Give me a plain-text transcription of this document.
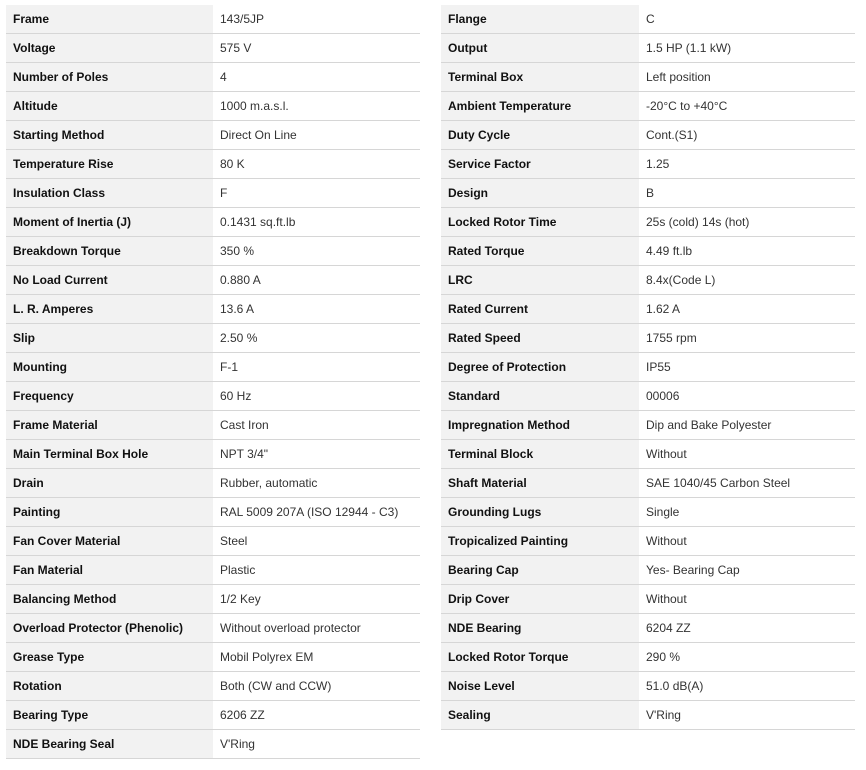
Frame	143/5JP
Voltage	575 V
Number of Poles	4
Altitude	1000 m.a.s.l.
Starting Method	Direct On Line
Temperature Rise	80 K
Insulation Class	F
Moment of Inertia (J)	0.1431 sq.ft.lb
Breakdown Torque	350 %
No Load Current	0.880 A
L. R. Amperes	13.6 A
Slip	2.50 %
Mounting	F-1
Frequency	60 Hz
Frame Material	Cast Iron
Main Terminal Box Hole	NPT 3/4"
Drain	Rubber, automatic
Painting	RAL 5009 207A (ISO 12944 - C3)
Fan Cover Material	Steel
Fan Material	Plastic
Balancing Method	1/2 Key
Overload Protector (Phenolic)	Without overload protector
Grease Type	Mobil Polyrex EM
Rotation	Both (CW and CCW)
Bearing Type	6206 ZZ
NDE Bearing Seal	V'Ring
Flange	C
Output	1.5 HP (1.1 kW)
Terminal Box	Left position
Ambient Temperature	-20°C to +40°C
Duty Cycle	Cont.(S1)
Service Factor	1.25
Design	B
Locked Rotor Time	25s (cold) 14s (hot)
Rated Torque	4.49 ft.lb
LRC	8.4x(Code L)
Rated Current	1.62 A
Rated Speed	1755 rpm
Degree of Protection	IP55
Standard	00006
Impregnation Method	Dip and Bake Polyester
Terminal Block	Without
Shaft Material	SAE 1040/45 Carbon Steel
Grounding Lugs	Single
Tropicalized Painting	Without
Bearing Cap	Yes- Bearing Cap
Drip Cover	Without
NDE Bearing	6204 ZZ
Locked Rotor Torque	290 %
Noise Level	51.0 dB(A)
Sealing	V'Ring
